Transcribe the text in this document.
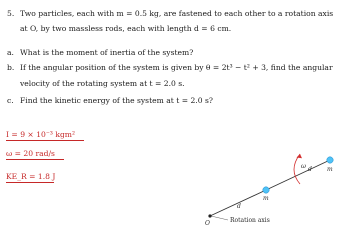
5. Two particles, each with m = 0.5 kg, are fastened to each other to a rotation axis
at O, by two massless rods, each with length d = 6 cm.
a. What is the moment of inertia of the system?
b. If the angular position of the system is given by θ = 2t³ − t² + 3, find the angular
velocity of the rotating system at t = 2.0 s.
c. Find the kinetic energy of the system at t = 2.0 s?
I = 9 × 10⁻³ kgm²
ω = 20 rad/s
KE_R = 1.8 J
ω d
d
m
m
O	Rotation axis
